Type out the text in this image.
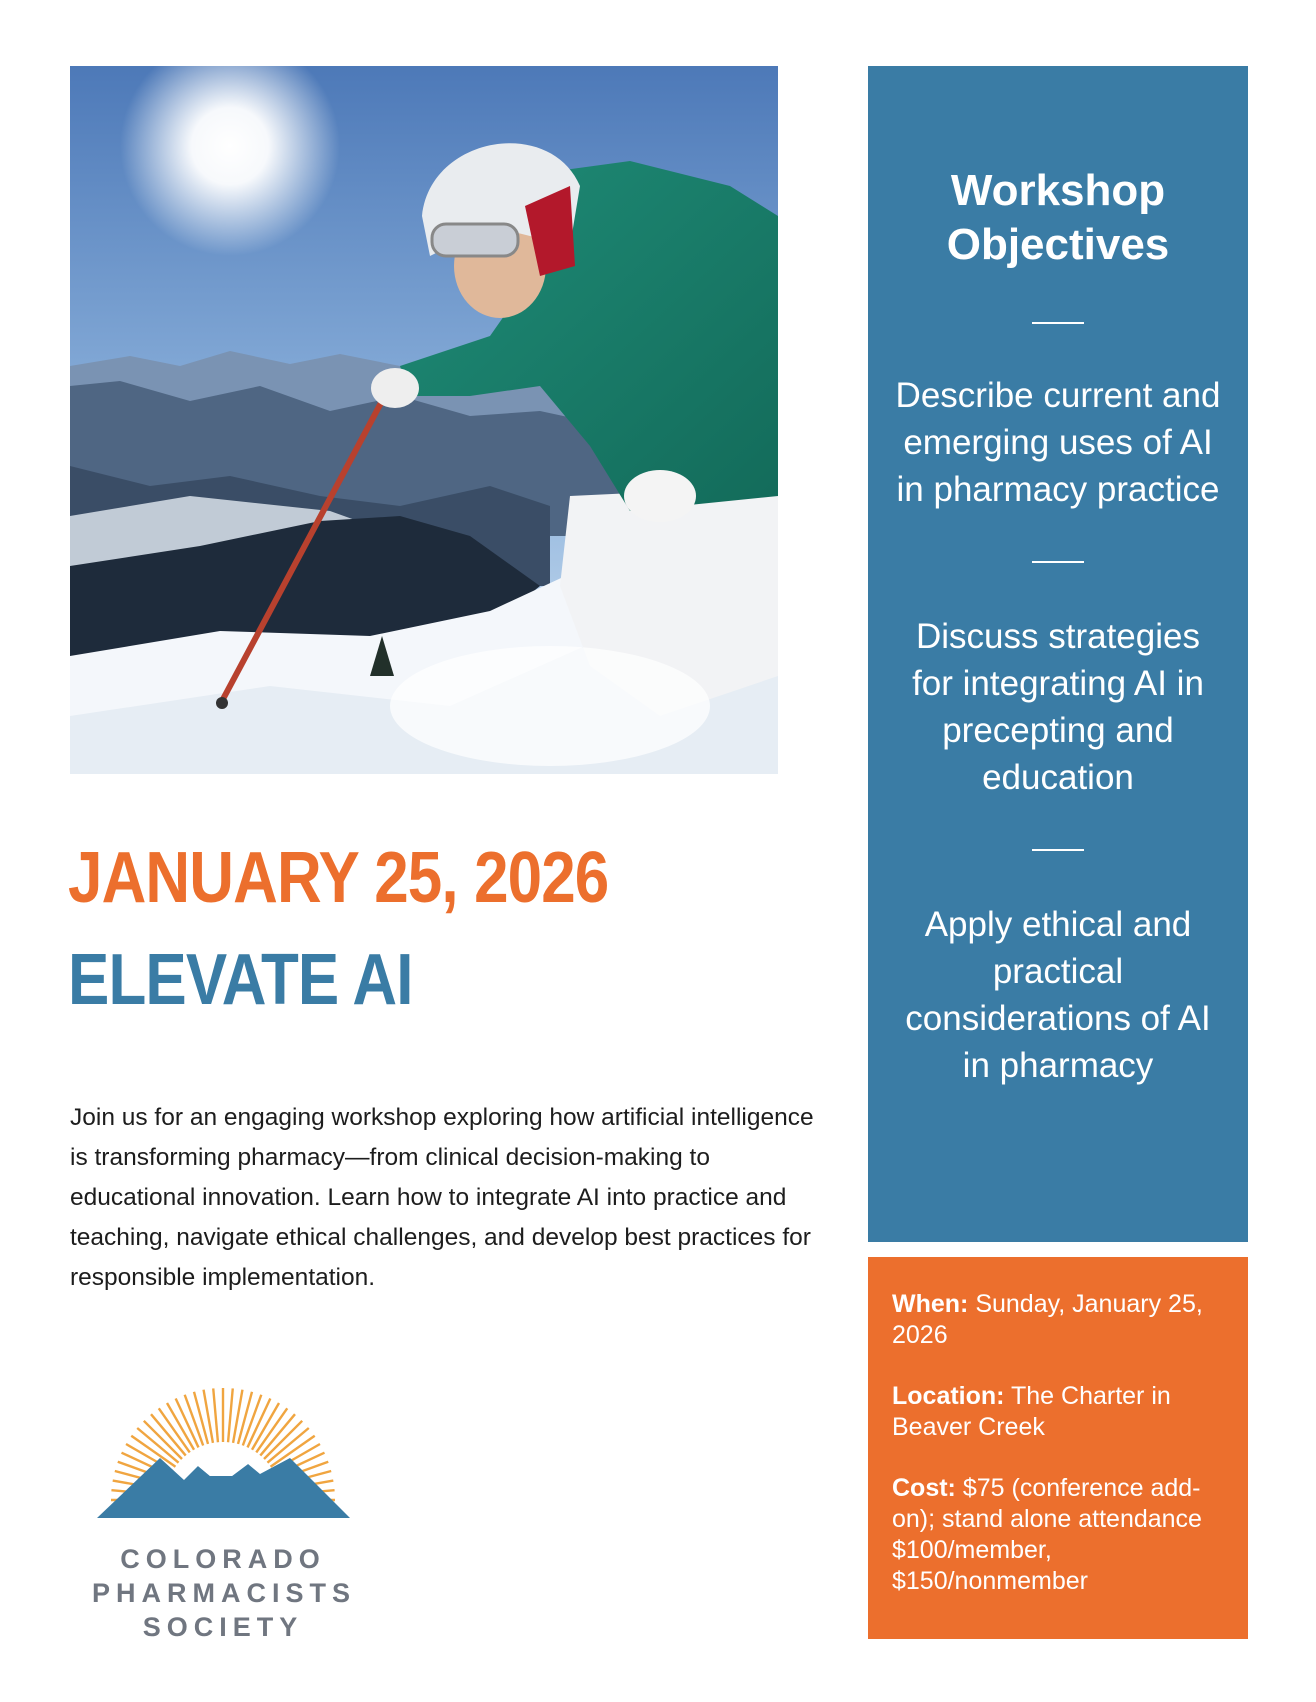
JANUARY 25, 2026
ELEVATE AI

Join us for an engaging workshop exploring how artificial intelligence is transforming pharmacy—from clinical decision-making to educational innovation. Learn how to integrate AI into practice and teaching, navigate ethical challenges, and develop best practices for responsible implementation.

COLORADO
PHARMACISTS
SOCIETY
Workshop Objectives
Describe current and emerging uses of AI in pharmacy practice
Discuss strategies for integrating AI in precepting and education
Apply ethical and practical considerations of AI in pharmacy

When: Sunday, January 25, 2026

Location: The Charter in Beaver Creek

Cost: $75 (conference add-on); stand alone attendance $100/member, $150/nonmember
